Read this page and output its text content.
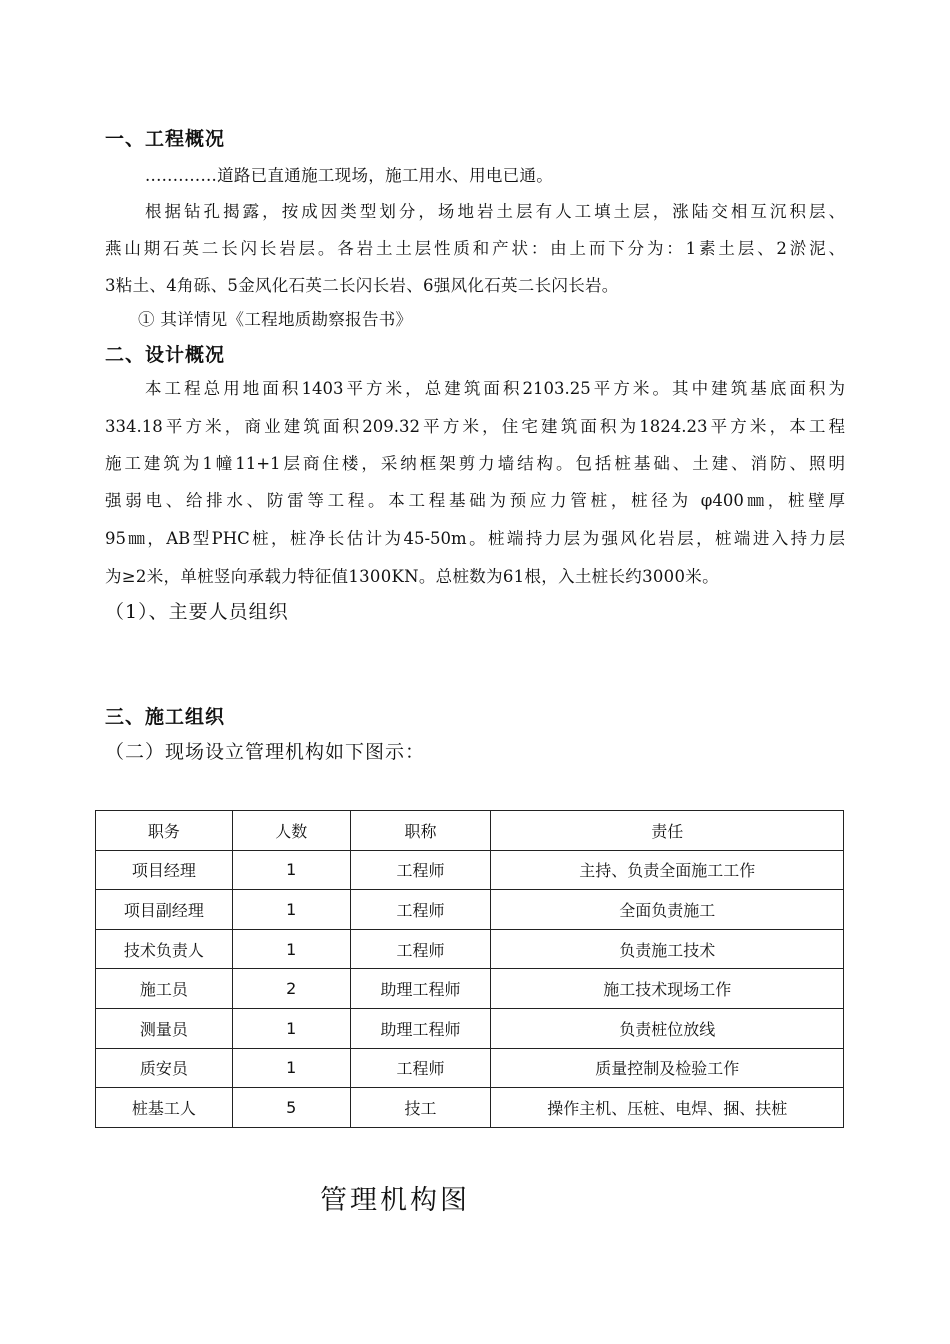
一、工程概况
.............道路已直通施工现场，施工用水、用电已通。
根据钻孔揭露，按成因类型划分，场地岩土层有人工填土层，涨陆交相互沉积层、
燕山期石英二长闪长岩层。各岩土土层性质和产状：由上而下分为：1素土层、2淤泥、
3粘土、4角砾、5金风化石英二长闪长岩、6强风化石英二长闪长岩。
① 其详情见《工程地质勘察报告书》
二、设计概况
本工程总用地面积1403平方米，总建筑面积2103.25平方米。其中建筑基底面积为
334.18平方米，商业建筑面积209.32平方米，住宅建筑面积为1824.23平方米，本工程
施工建筑为1幢11+1层商住楼，采纳框架剪力墙结构。包括桩基础、土建、消防、照明
强弱电、给排水、防雷等工程。本工程基础为预应力管桩，桩径为 φ400㎜，桩壁厚
95㎜，AB型PHC桩，桩净长估计为45-50m。桩端持力层为强风化岩层，桩端进入持力层
为≥2米，单桩竖向承载力特征值1300KN。总桩数为61根，入土桩长约3000米。
（1）、主要人员组织
三、施工组织
（二）现场设立管理机构如下图示：
职务	人数	职称	责任
项目经理	1	工程师	主持、负责全面施工工作
项目副经理	1	工程师	全面负责施工
技术负责人	1	工程师	负责施工技术
施工员	2	助理工程师	施工技术现场工作
测量员	1	助理工程师	负责桩位放线
质安员	1	工程师	质量控制及检验工作
桩基工人	5	技工	操作主机、压桩、电焊、捆、扶桩
管理机构图
